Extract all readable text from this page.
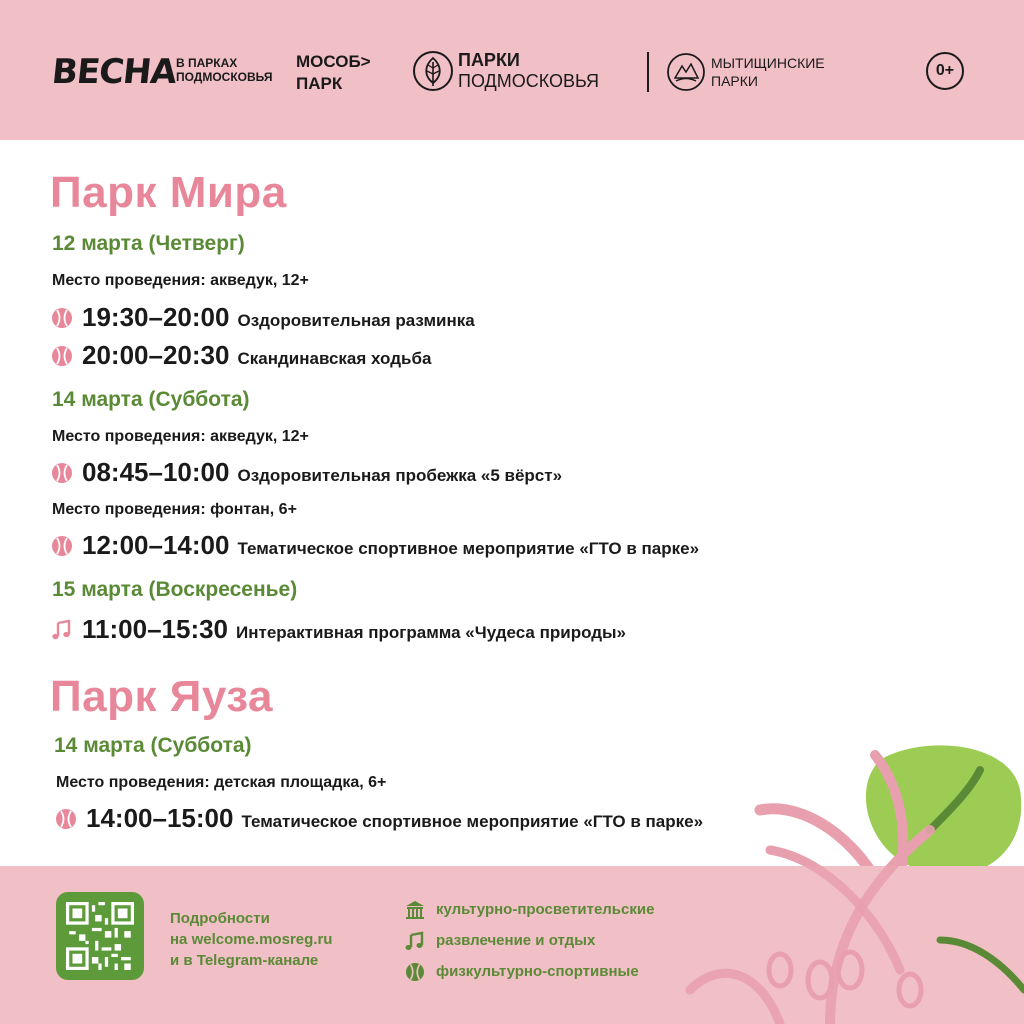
ВЕСНА
В ПАРКАХ
ПОДМОСКОВЬЯ
МОСОБ>
ПАРК
ПАРКИ
ПОДМОСКОВЬЯ
МЫТИЩИНСКИЕ
ПАРКИ
0+
Парк Мира
12 марта (Четверг)
Место проведения: акведук, 12+
19:30–20:00 Оздоровительная разминка
20:00–20:30 Скандинавская ходьба
14 марта (Суббота)
Место проведения: акведук, 12+
08:45–10:00 Оздоровительная пробежка «5 вёрст»
Место проведения: фонтан, 6+
12:00–14:00 Тематическое спортивное мероприятие «ГТО в парке»
15 марта (Воскресенье)
11:00–15:30 Интерактивная программа «Чудеса природы»
Парк Яуза
14 марта (Суббота)
Место проведения: детская площадка, 6+
14:00–15:00 Тематическое спортивное мероприятие «ГТО в парке»
Подробности
на welcome.mosreg.ru
и в Telegram-канале
культурно-просветительские
развлечение и отдых
физкультурно-спортивные
